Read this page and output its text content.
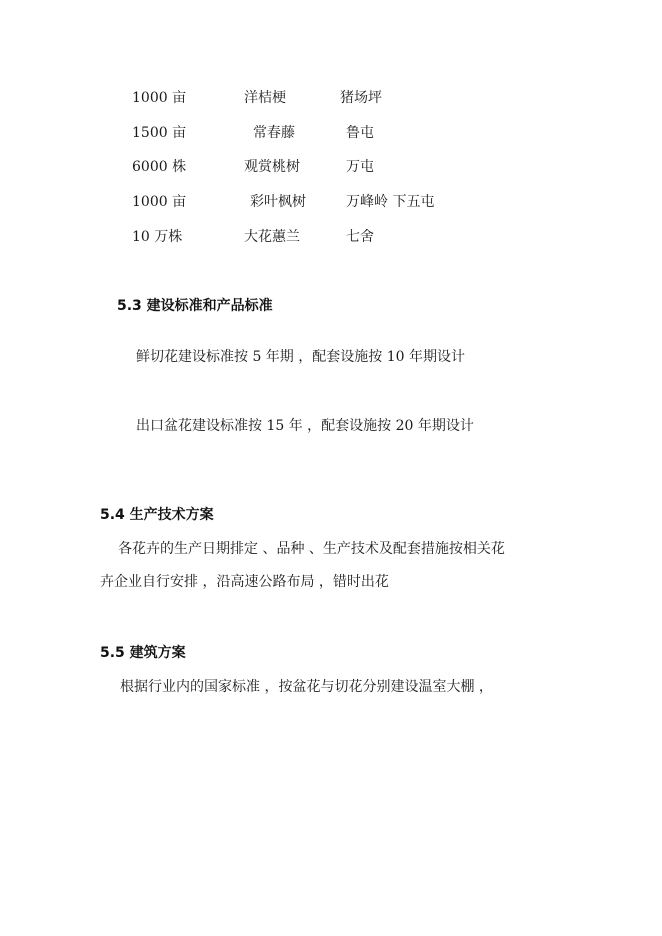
1000 亩	洋桔梗	猪场坪
1500 亩	常春藤	鲁屯
6000 株	观赏桃树	万屯
1000 亩	彩叶枫树	万峰岭 下五屯
10 万株	大花蕙兰	七舍
5.3 建设标准和产品标准
鲜切花建设标准按 5 年期 ，配套设施按 10 年期设计
出口盆花建设标准按 15 年 ，配套设施按 20 年期设计
5.4 生产技术方案
各花卉的生产日期排定 、品种 、生产技术及配套措施按相关花
卉企业自行安排 ，沿高速公路布局 ，错时出花
5.5 建筑方案
根据行业内的国家标准 ，按盆花与切花分别建设温室大棚 ，
